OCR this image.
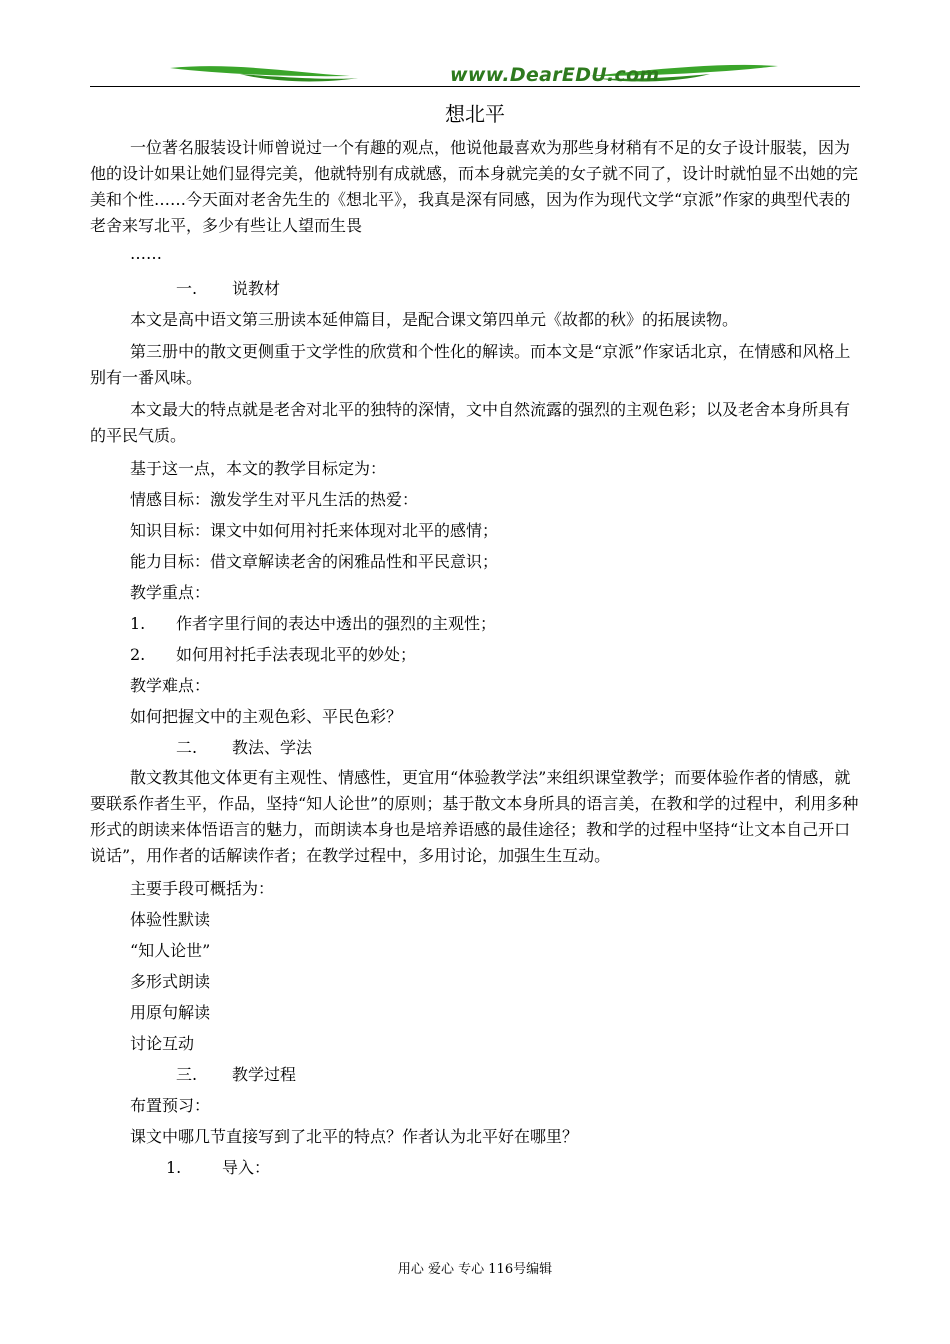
www.DearEDU.com
想北平

一位著名服装设计师曾说过一个有趣的观点，他说他最喜欢为那些身材稍有不足的女子设计服装，因为他的设计如果让她们显得完美，他就特别有成就感，而本身就完美的女子就不同了，设计时就怕显不出她的完美和个性……今天面对老舍先生的《想北平》，我真是深有同感，因为作为现代文学“京派”作家的典型代表的老舍来写北平，多少有些让人望而生畏

……

一. 说教材

本文是高中语文第三册读本延伸篇目，是配合课文第四单元《故都的秋》的拓展读物。

第三册中的散文更侧重于文学性的欣赏和个性化的解读。而本文是“京派”作家话北京，在情感和风格上别有一番风味。

本文最大的特点就是老舍对北平的独特的深情，文中自然流露的强烈的主观色彩；以及老舍本身所具有的平民气质。

基于这一点，本文的教学目标定为：

情感目标：激发学生对平凡生活的热爱：

知识目标：课文中如何用衬托来体现对北平的感情；

能力目标：借文章解读老舍的闲雅品性和平民意识；

教学重点：

1. 作者字里行间的表达中透出的强烈的主观性；

2. 如何用衬托手法表现北平的妙处；

教学难点：

如何把握文中的主观色彩、平民色彩？

二. 教法、学法

散文教其他文体更有主观性、情感性，更宜用“体验教学法”来组织课堂教学；而要体验作者的情感，就要联系作者生平，作品，坚持“知人论世”的原则；基于散文本身所具的语言美，在教和学的过程中，利用多种形式的朗读来体悟语言的魅力，而朗读本身也是培养语感的最佳途径；教和学的过程中坚持“让文本自己开口说话”，用作者的话解读作者；在教学过程中，多用讨论，加强生生互动。

主要手段可概括为：

体验性默读

“知人论世”

多形式朗读

用原句解读

讨论互动

三. 教学过程

布置预习：

课文中哪几节直接写到了北平的特点？作者认为北平好在哪里？

1.	导入：

用心 爱心 专心 116号编辑
